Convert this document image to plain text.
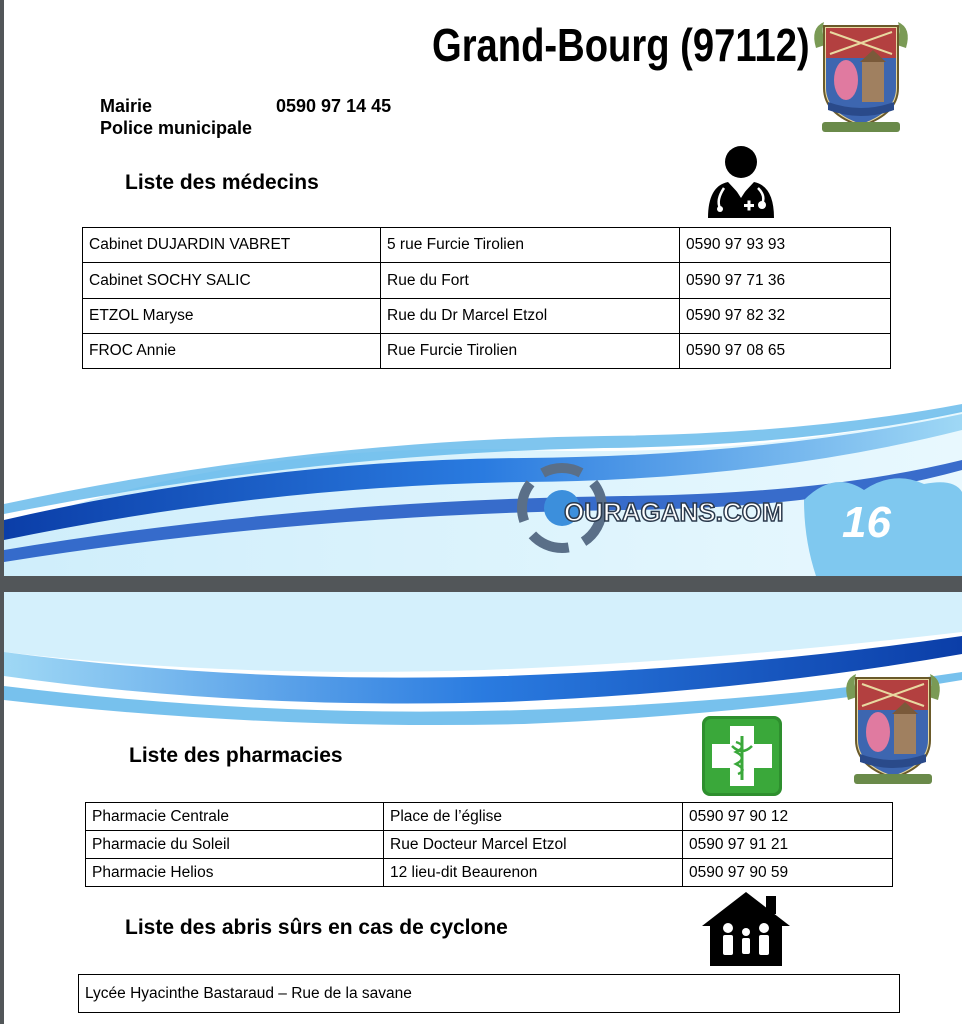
Grand-Bourg (97112)
Mairie	0590 97 14 45
Police municipale
Liste des médecins
Cabinet DUJARDIN VABRET	5 rue Furcie Tirolien	0590 97 93 93
Cabinet SOCHY SALIC	Rue du Fort	0590 97 71 36
ETZOL Maryse	Rue du Dr Marcel Etzol	0590 97 82 32
FROC Annie	Rue Furcie Tirolien	0590 97 08 65
OURAGANS.COM 16
Liste des pharmacies
Pharmacie Centrale	Place de l’église	0590 97 90 12
Pharmacie du Soleil	Rue Docteur Marcel Etzol	0590 97 91 21
Pharmacie Helios	12 lieu-dit Beaurenon	0590 97 90 59
Liste des abris sûrs en cas de cyclone
Lycée Hyacinthe Bastaraud – Rue de la savane
